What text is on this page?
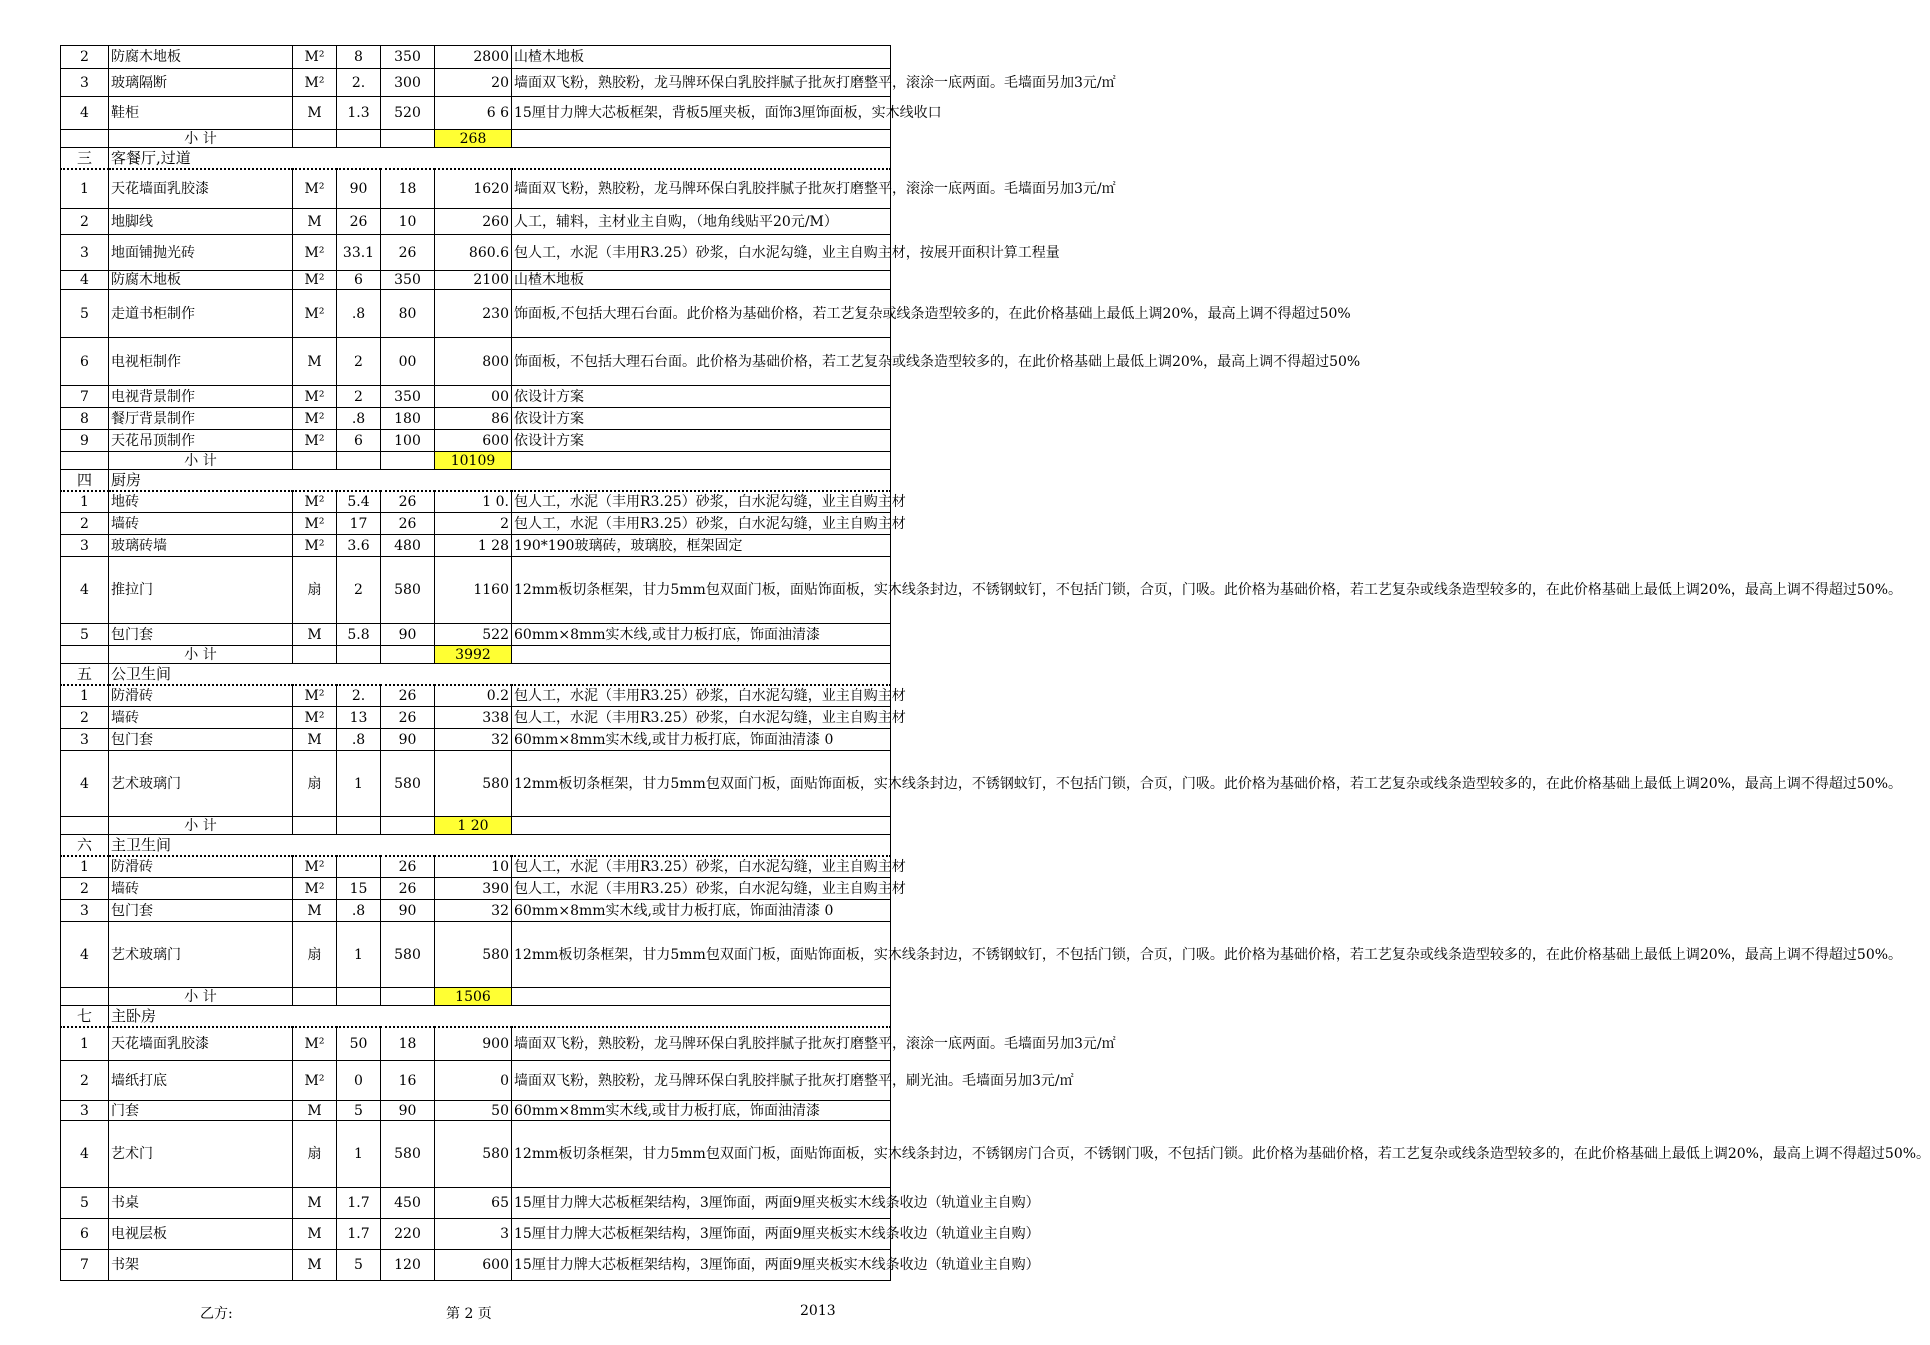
2	防腐木地板	M²	8	350	2800	山楂木地板
3	玻璃隔断	M²	2.	300	20	墙面双飞粉，熟胶粉，龙马牌环保白乳胶拌腻子批灰打磨整平，滚涂一底两面。毛墙面另加3元/㎡
4	鞋柜	M	1.3	520	6 6	15厘甘力牌大芯板框架，背板5厘夹板，面饰3厘饰面板，实木线收口
	小 计				268	
三	客餐厅,过道					
1	天花墙面乳胶漆	M²	90	18	1620	墙面双飞粉，熟胶粉，龙马牌环保白乳胶拌腻子批灰打磨整平，滚涂一底两面。毛墙面另加3元/㎡
2	地脚线	M	26	10	260	人工，辅料，主材业主自购，（地角线贴平20元/M）
3	地面铺抛光砖	M²	33.1	26	860.6	包人工，水泥（丰用R3.25）砂浆，白水泥勾缝，业主自购主材，按展开面积计算工程量
4	防腐木地板	M²	6	350	2100	山楂木地板
5	走道书柜制作	M²	.8	80	230	饰面板,不包括大理石台面。此价格为基础价格，若工艺复杂或线条造型较多的，在此价格基础上最低上调20%，最高上调不得超过50%
6	电视柜制作	M	2	00	800	饰面板，不包括大理石台面。此价格为基础价格，若工艺复杂或线条造型较多的，在此价格基础上最低上调20%，最高上调不得超过50%
7	电视背景制作	M²	2	350	00	依设计方案
8	餐厅背景制作	M²	.8	180	86	依设计方案
9	天花吊顶制作	M²	6	100	600	依设计方案
	小 计				10109	
四	厨房					
1	地砖	M²	5.4	26	1 0.	包人工，水泥（丰用R3.25）砂浆，白水泥勾缝，业主自购主材
2	墙砖	M²	17	26	2	包人工，水泥（丰用R3.25）砂浆，白水泥勾缝，业主自购主材
3	玻璃砖墙	M²	3.6	480	1 28	190*190玻璃砖，玻璃胶，框架固定
4	推拉门	扇	2	580	1160	12mm板切条框架，甘力5mm包双面门板，面贴饰面板，实木线条封边，不锈钢蚊钉，不包括门锁，合页，门吸。此价格为基础价格，若工艺复杂或线条造型较多的，在此价格基础上最低上调20%，最高上调不得超过50%。
5	包门套	M	5.8	90	522	60mm×8mm实木线,或甘力板打底，饰面油清漆
	小 计				3992	
五	公卫生间					
1	防滑砖	M²	2.	26	0.2	包人工，水泥（丰用R3.25）砂浆，白水泥勾缝，业主自购主材
2	墙砖	M²	13	26	338	包人工，水泥（丰用R3.25）砂浆，白水泥勾缝，业主自购主材
3	包门套	M	.8	90	32	60mm×8mm实木线,或甘力板打底，饰面油清漆 0
4	艺术玻璃门	扇	1	580	580	12mm板切条框架，甘力5mm包双面门板，面贴饰面板，实木线条封边，不锈钢蚊钉，不包括门锁，合页，门吸。此价格为基础价格，若工艺复杂或线条造型较多的，在此价格基础上最低上调20%，最高上调不得超过50%。
	小 计				1 20	
六	主卫生间					
1	防滑砖	M²		26	10	包人工，水泥（丰用R3.25）砂浆，白水泥勾缝，业主自购主材
2	墙砖	M²	15	26	390	包人工，水泥（丰用R3.25）砂浆，白水泥勾缝，业主自购主材
3	包门套	M	.8	90	32	60mm×8mm实木线,或甘力板打底，饰面油清漆 0
4	艺术玻璃门	扇	1	580	580	12mm板切条框架，甘力5mm包双面门板，面贴饰面板，实木线条封边，不锈钢蚊钉，不包括门锁，合页，门吸。此价格为基础价格，若工艺复杂或线条造型较多的，在此价格基础上最低上调20%，最高上调不得超过50%。
	小 计				1506	
七	主卧房					
1	天花墙面乳胶漆	M²	50	18	900	墙面双飞粉，熟胶粉，龙马牌环保白乳胶拌腻子批灰打磨整平，滚涂一底两面。毛墙面另加3元/㎡
2	墙纸打底	M²	0	16	0	墙面双飞粉，熟胶粉，龙马牌环保白乳胶拌腻子批灰打磨整平，刷光油。毛墙面另加3元/㎡
3	门套	M	5	90	50	60mm×8mm实木线,或甘力板打底，饰面油清漆
4	艺术门	扇	1	580	580	12mm板切条框架，甘力5mm包双面门板，面贴饰面板，实木线条封边，不锈钢房门合页，不锈钢门吸，不包括门锁。此价格为基础价格，若工艺复杂或线条造型较多的，在此价格基础上最低上调20%，最高上调不得超过50%。
5	书桌	M	1.7	450	65	15厘甘力牌大芯板框架结构，3厘饰面，两面9厘夹板实木线条收边（轨道业主自购）
6	电视层板	M	1.7	220	3	15厘甘力牌大芯板框架结构，3厘饰面，两面9厘夹板实木线条收边（轨道业主自购）
7	书架	M	5	120	600	15厘甘力牌大芯板框架结构，3厘饰面，两面9厘夹板实木线条收边（轨道业主自购）
乙方:	第 2 页	2013
